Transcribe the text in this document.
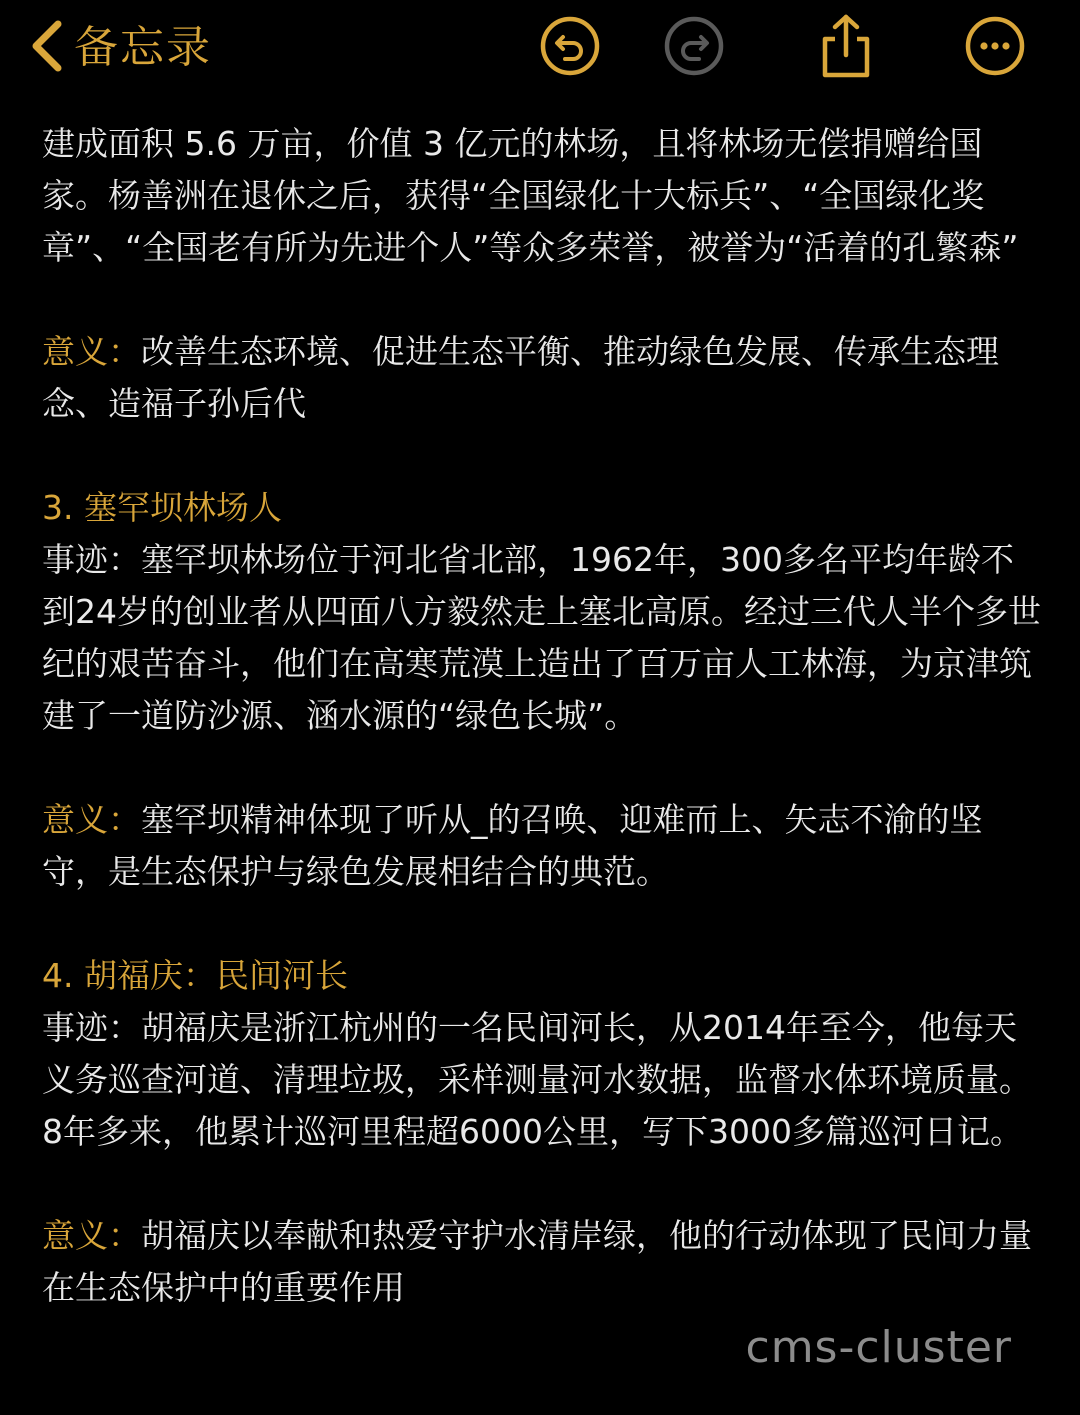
备忘录

建成面积 5.6 万亩，价值 3 亿元的林场，且将林场无偿捐赠给国家。杨善洲在退休之后，获得“全国绿化十大标兵”、“全国绿化奖章”、“全国老有所为先进个人”等众多荣誉，被誉为“活着的孔繁森”

意义：改善生态环境、促进生态平衡、推动绿色发展、传承生态理念、造福子孙后代

3. 塞罕坝林场人

事迹：塞罕坝林场位于河北省北部，1962年，300多名平均年龄不到24岁的创业者从四面八方毅然走上塞北高原。经过三代人半个多世纪的艰苦奋斗，他们在高寒荒漠上造出了百万亩人工林海，为京津筑建了一道防沙源、涵水源的“绿色长城”。

意义：塞罕坝精神体现了听从_的召唤、迎难而上、矢志不渝的坚守，是生态保护与绿色发展相结合的典范。

4. 胡福庆：民间河长

事迹：胡福庆是浙江杭州的一名民间河长，从2014年至今，他每天义务巡查河道、清理垃圾，采样测量河水数据，监督水体环境质量。8年多来，他累计巡河里程超6000公里，写下3000多篇巡河日记。

意义：胡福庆以奉献和热爱守护水清岸绿，他的行动体现了民间力量在生态保护中的重要作用

cms-cluster
